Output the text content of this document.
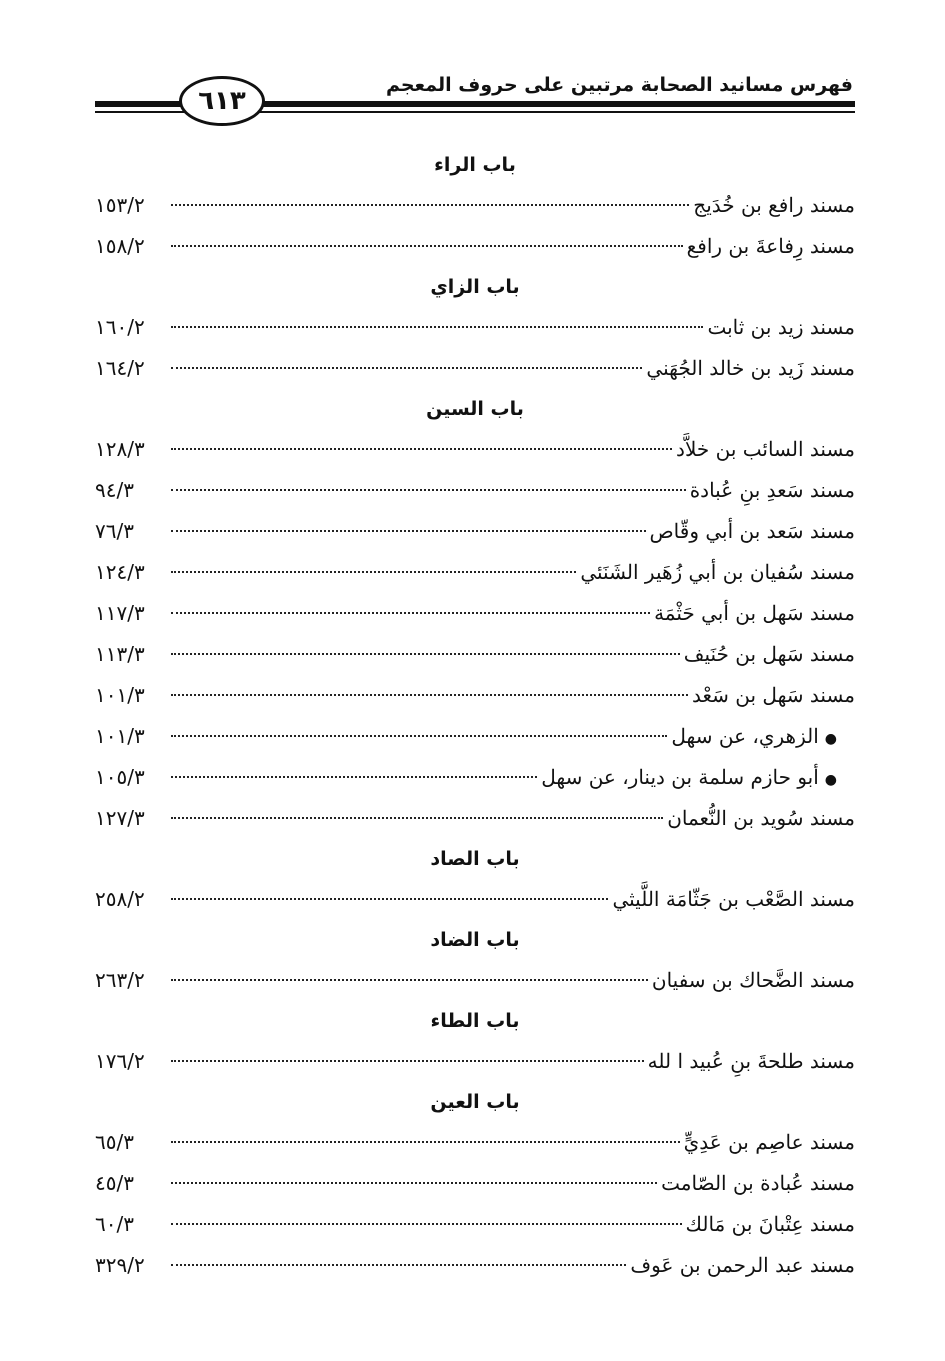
فهرس مسانيد الصحابة مرتبين على حروف المعجم
٦١٣
باب الراء
مسند رافع بن خُدَيج
١٥٣/٢
مسند رِفاعةَ بن رافع
١٥٨/٢
باب الزاي
مسند زيد بن ثابت
١٦٠/٢
مسند زَيد بن خالد الجُهَني
١٦٤/٢
باب السين
مسند السائب بن خلاَّد
١٢٨/٣
مسند سَعدِ بنِ عُبادة
٩٤/٣
مسند سَعد بن أبي وقّاص
٧٦/٣
مسند سُفيان بن أبي زُهَير الشَنَئي
١٢٤/٣
مسند سَهل بن أبي حَثْمَة
١١٧/٣
مسند سَهل بن حُنَيف
١١٣/٣
مسند سَهل بن سَعْد
١٠١/٣
●الزهري، عن سهل
١٠١/٣
●أبو حازم سلمة بن دينار، عن سهل
١٠٥/٣
مسند سُويد بن النُّعمان
١٢٧/٣
باب الصاد
مسند الصَّعْب بن جَثّامَة اللَّيثي
٢٥٨/٢
باب الضاد
مسند الضَّحاك بن سفيان
٢٦٣/٢
باب الطاء
مسند طلحةَ بنِ عُبيد ا لله
١٧٦/٢
باب العين
مسند عاصِم بن عَدِيٍّ
٦٥/٣
مسند عُبادة بن الصّامت
٤٥/٣
مسند عِتْبانَ بن مَالك
٦٠/٣
مسند عبد الرحمن بن عَوف
٣٢٩/٢
